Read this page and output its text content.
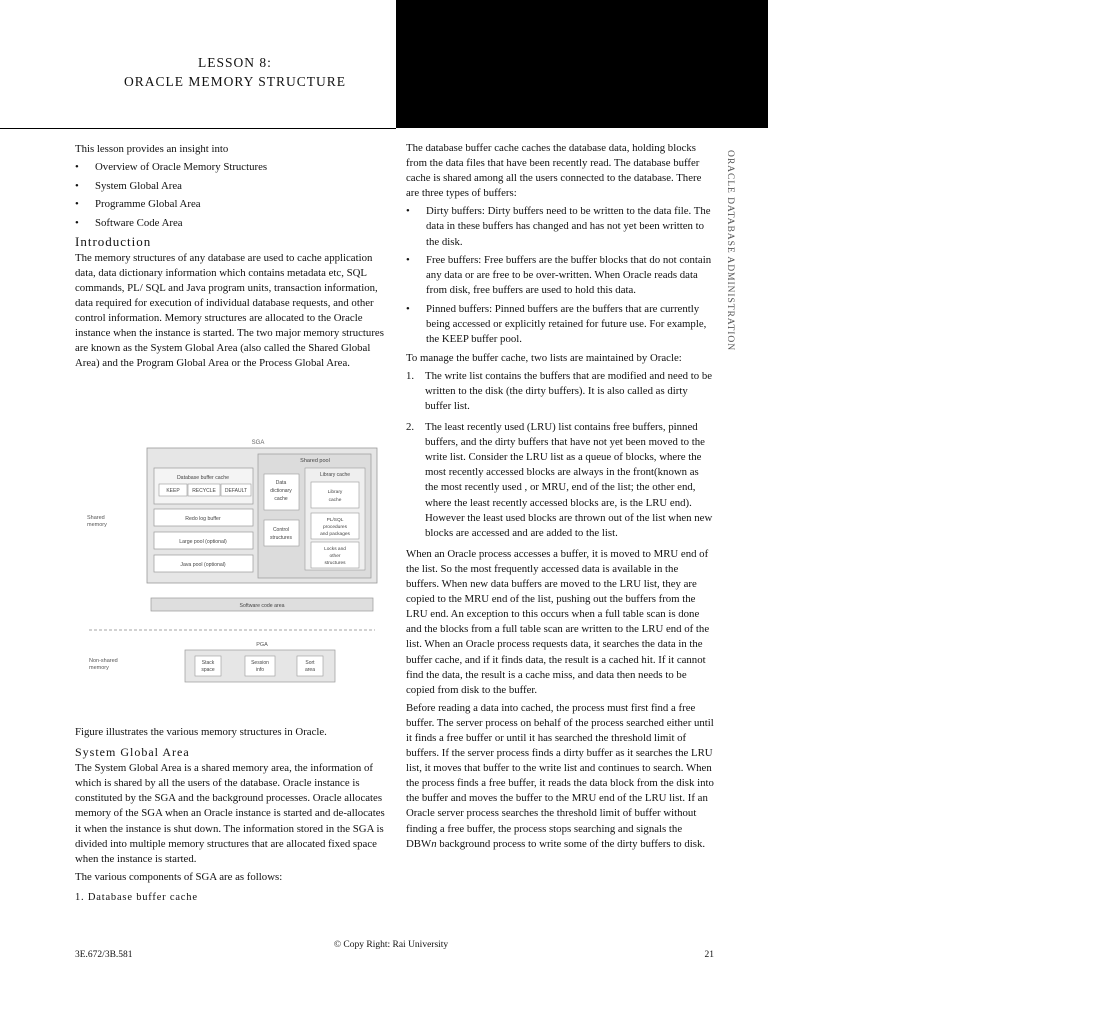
UNIT 2
LESSON 8:
ORACLE MEMORY STRUCTURE
ORACLE DATABASE ADMINISTRATION

This lesson provides an insight into

• Overview of Oracle Memory Structures
• System Global Area
• Programme Global Area
• Software Code Area
Introduction

The memory structures of any database are used to cache application data, data dictionary information which contains metadata etc, SQL commands, PL/ SQL and Java program units, transaction information, data required for execution of individual database requests, and other control information. Memory structures are allocated to the Oracle instance when the instance is started. The two major memory structures are known as the System Global Area (also called the Shared Global Area) and the Program Global Area or the Process Global Area.

SGA
Shared pool
Database buffer cache
KEEP	RECYCLE DEFAULT
Library cache
Data
dictionary
cache
Library
cache
PL/SQL
procedures
and packages
Locks and
other
structures
Control
structures
Redo log buffer
Large pool (optional)
Java pool (optional)
Shared
memory
Software code area
PGA
Stack
space
Session
info
Sort
area
Non-shared
memory

Figure illustrates the various memory structures in Oracle.

System Global Area

The System Global Area is a shared memory area, the information of which is shared by all the users of the database. Oracle instance is constituted by the SGA and the background processes. Oracle allocates memory of the SGA when an Oracle instance is started and de-allocates it when the instance is shut down. The information stored in the SGA is divided into multiple memory structures that are allocated fixed space when the instance is started.

The various components of SGA are as follows:

1. Database buffer cache

The database buffer cache caches the database data, holding blocks from the data files that have been recently read. The database buffer cache is shared among all the users connected to the database. There are three types of buffers:

• Dirty buffers: Dirty buffers need to be written to the data file. The data in these buffers has changed and has not yet been written to the disk.
• Free buffers: Free buffers are the buffer blocks that do not contain any data or are free to be over-written. When Oracle reads data from disk, free buffers are used to hold this data.
• Pinned buffers: Pinned buffers are the buffers that are currently being accessed or explicitly retained for future use. For example, the KEEP buffer pool.

To manage the buffer cache, two lists are maintained by Oracle:

1. The write list contains the buffers that are modified and need to be written to the disk (the dirty buffers). It is also called as dirty buffer list.
2. The least recently used (LRU) list contains free buffers, pinned buffers, and the dirty buffers that have not yet been moved to the write list. Consider the LRU list as a queue of blocks, where the most recently accessed blocks are always in the front(known as the most recently used , or MRU, end of the list; the other end, where the least recently accessed blocks are, is the LRU end). However the least used blocks are thrown out of the list when new blocks are accessed and are added to the list.

When an Oracle process accesses a buffer, it is moved to MRU end of the list. So the most frequently accessed data is available in the buffers. When new data buffers are moved to the LRU list, they are copied to the MRU end of the list, pushing out the buffers from the LRU end. An exception to this occurs when a full table scan is done and the blocks from a full table scan are written to the LRU end of the list. When an Oracle process requests data, it searches the data in the buffer cache, and if it finds data, the result is a cached hit. If it cannot find the data, the result is a cache miss, and data then needs to be copied from disk to the buffer.

Before reading a data into cached, the process must first find a free buffer. The server process on behalf of the process searched either until it finds a free buffer or until it has searched the threshold limit of buffers. If the server process finds a dirty buffer as it searches the LRU list, it moves that buffer to the write list and continues to search. When the process finds a free buffer, it reads the data block from the disk into the buffer and moves the buffer to the MRU end of the LRU list. If an Oracle server process searches the threshold limit of buffer without finding a free buffer, the process stops searching and signals the DBWn background process to write some of the dirty buffers to disk.

3E.672/3B.581
© Copy Right: Rai University
21
